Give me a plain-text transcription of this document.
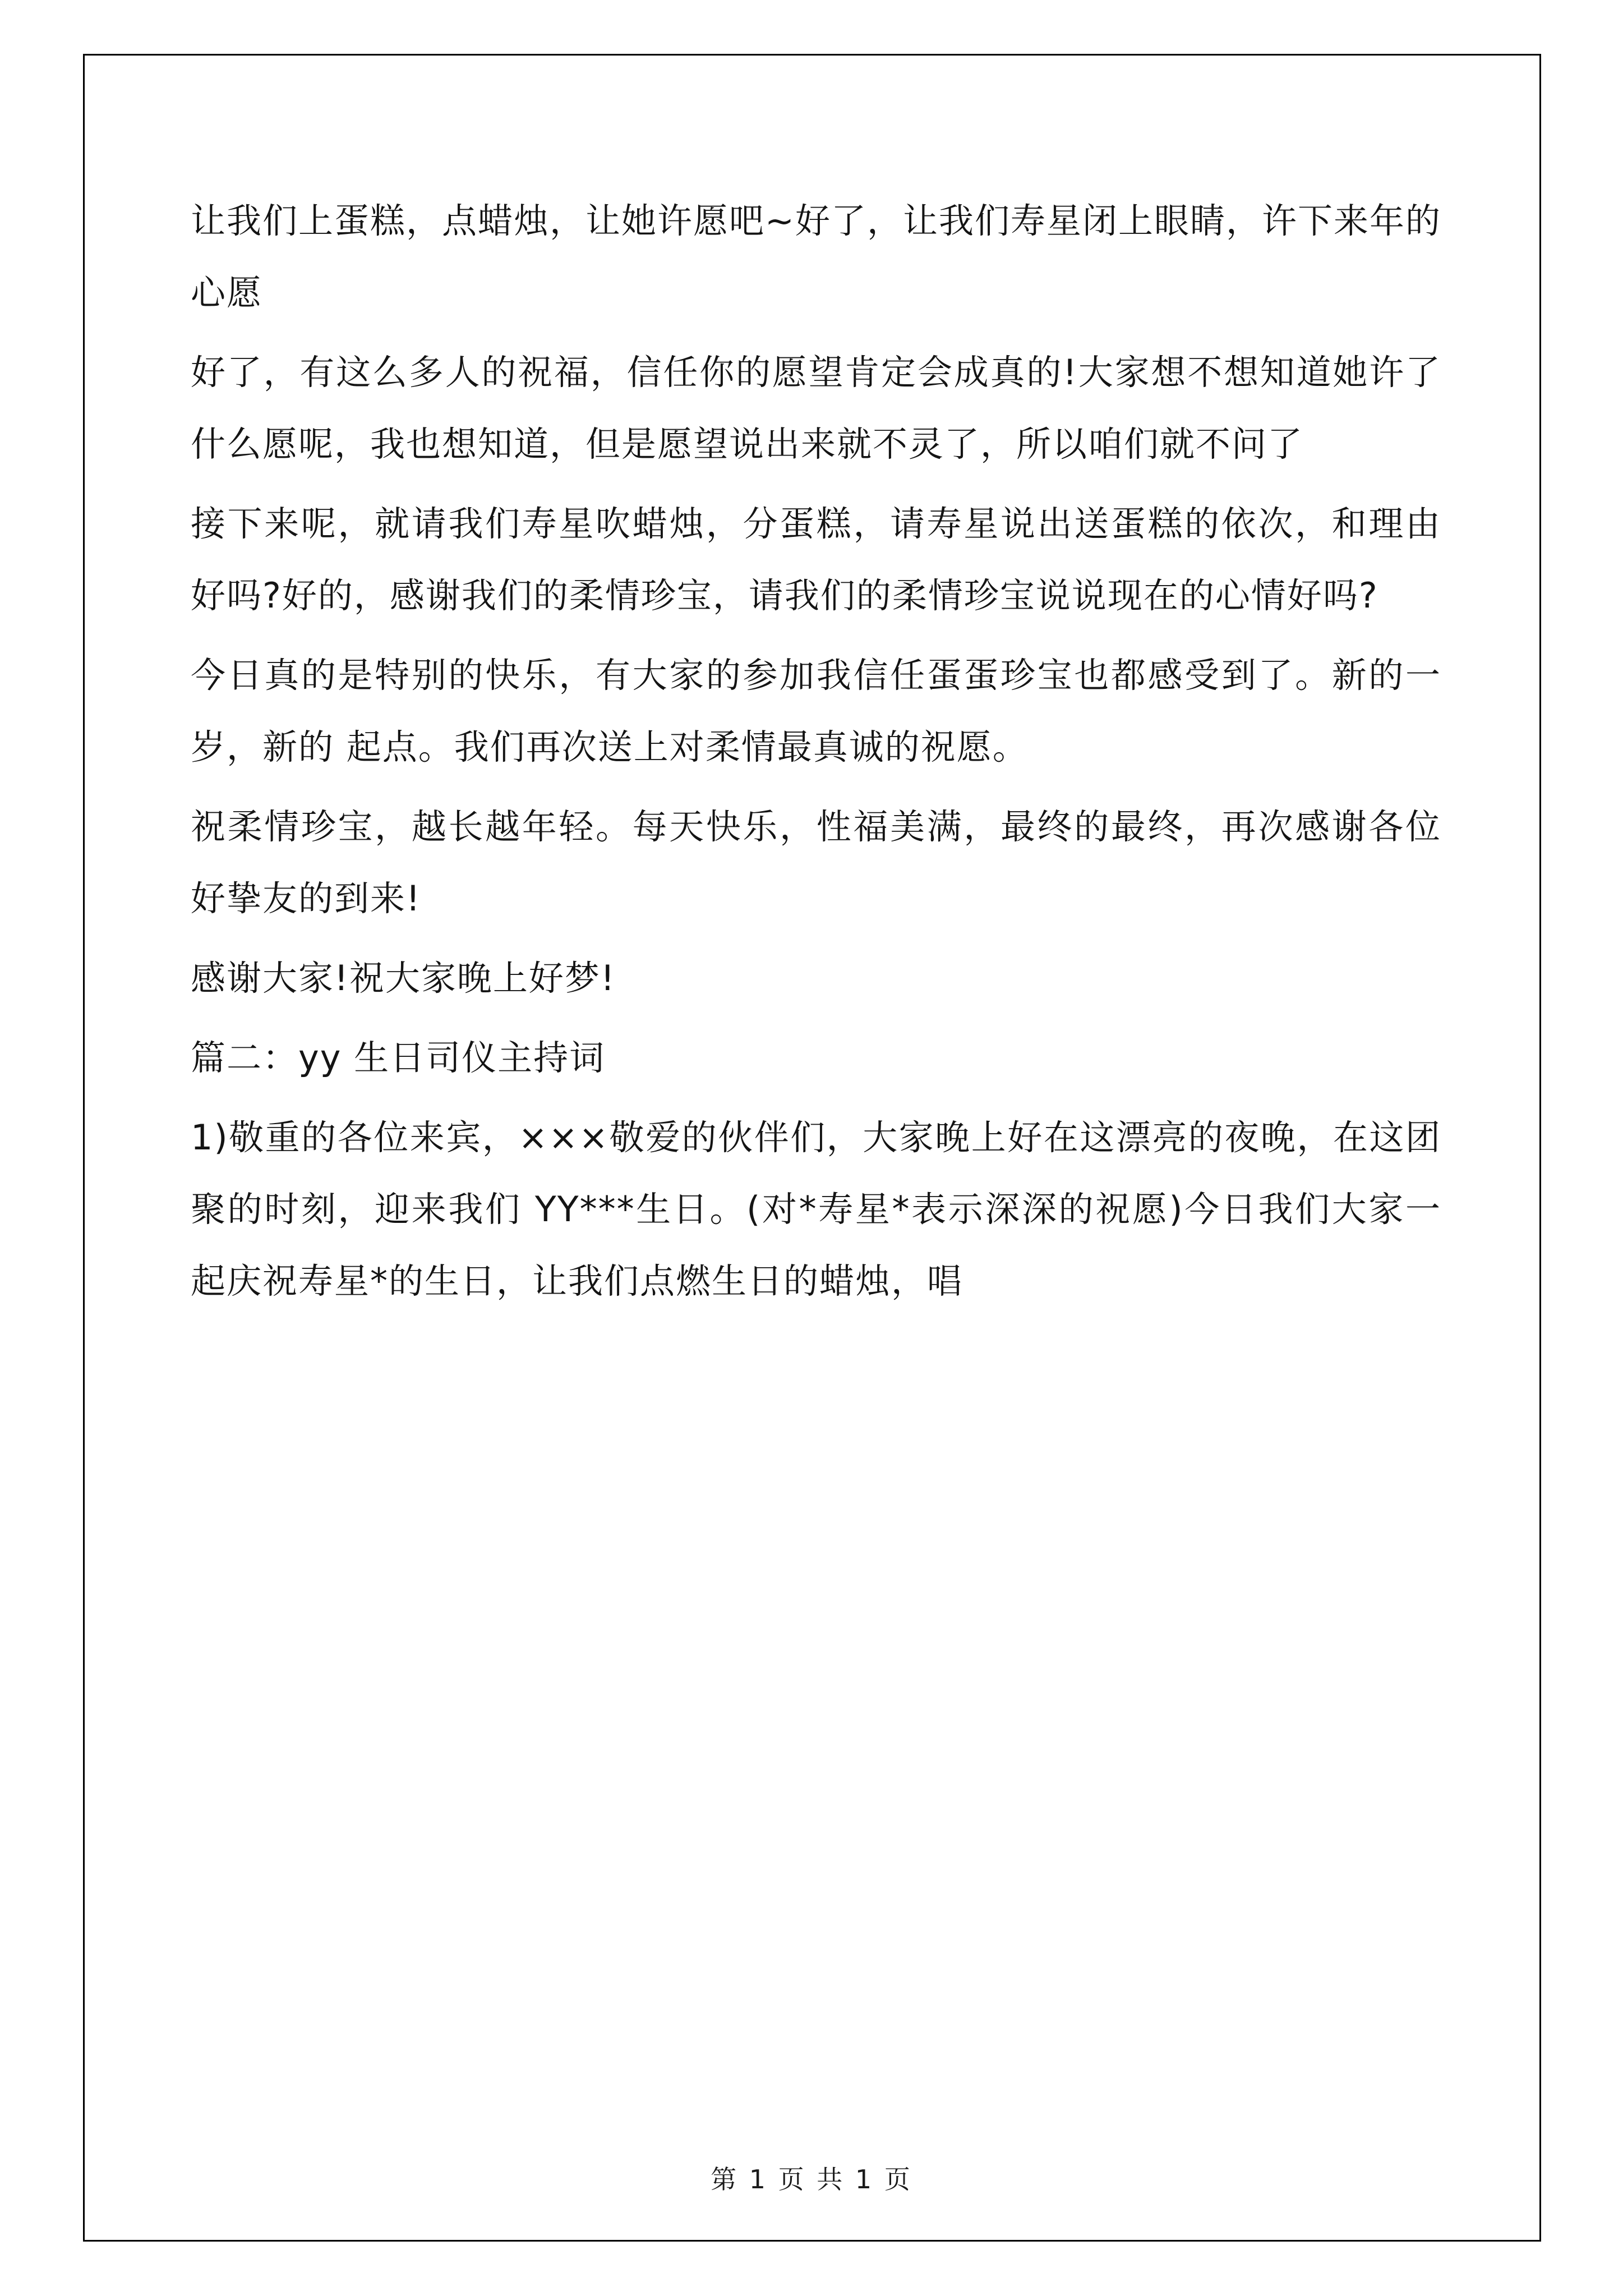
让我们上蛋糕，点蜡烛，让她许愿吧~好了，让我们寿星闭上眼睛，许下来年的心愿

好了，有这么多人的祝福，信任你的愿望肯定会成真的!大家想不想知道她许了什么愿呢，我也想知道，但是愿望说出来就不灵了，所以咱们就不问了

接下来呢，就请我们寿星吹蜡烛，分蛋糕，请寿星说出送蛋糕的依次，和理由好吗?好的，感谢我们的柔情珍宝，请我们的柔情珍宝说说现在的心情好吗?

今日真的是特别的快乐，有大家的参加我信任蛋蛋珍宝也都感受到了。新的一岁，新的 起点。我们再次送上对柔情最真诚的祝愿。

祝柔情珍宝，越长越年轻。每天快乐，性福美满，最终的最终，再次感谢各位好挚友的到来!

感谢大家!祝大家晚上好梦!

篇二：yy 生日司仪主持词

1)敬重的各位来宾，×××敬爱的伙伴们，大家晚上好在这漂亮的夜晚，在这团聚的时刻，迎来我们 YY***生日。(对*寿星*表示深深的祝愿)今日我们大家一起庆祝寿星*的生日，让我们点燃生日的蜡烛，唱

第 1 页 共 1 页
